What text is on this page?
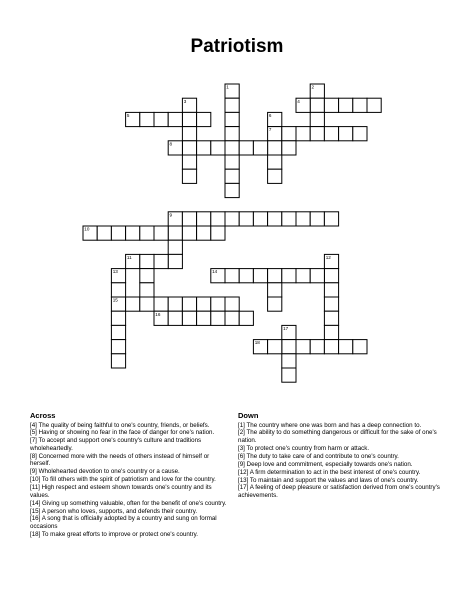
Patriotism
1	2
3	4
5	6
7
8
9
10
11	12
13	14
15
16
17
18
Across
[4] The quality of being faithful to one's country, friends, or beliefs.
[5] Having or showing no fear in the face of danger for one's nation.
[7] To accept and support one's country's culture and traditions wholeheartedly.
[8] Concerned more with the needs of others instead of himself or herself.
[9] Wholehearted devotion to one's country or a cause.
[10] To fill others with the spirit of patriotism and love for the country.
[11] High respect and esteem shown towards one's country and its values.
[14] Giving up something valuable, often for the benefit of one's country.
[15] A person who loves, supports, and defends their country.
[16] A song that is officially adopted by a country and sung on formal occasions
[18] To make great efforts to improve or protect one's country.
Down
[1] The country where one was born and has a deep connection to.
[2] The ability to do something dangerous or difficult for the sake of one's nation.
[3] To protect one's country from harm or attack.
[6] The duty to take care of and contribute to one's country.
[9] Deep love and commitment, especially towards one's nation.
[12] A firm determination to act in the best interest of one's country.
[13] To maintain and support the values and laws of one's country.
[17] A feeling of deep pleasure or satisfaction derived from one's country's achievements.
